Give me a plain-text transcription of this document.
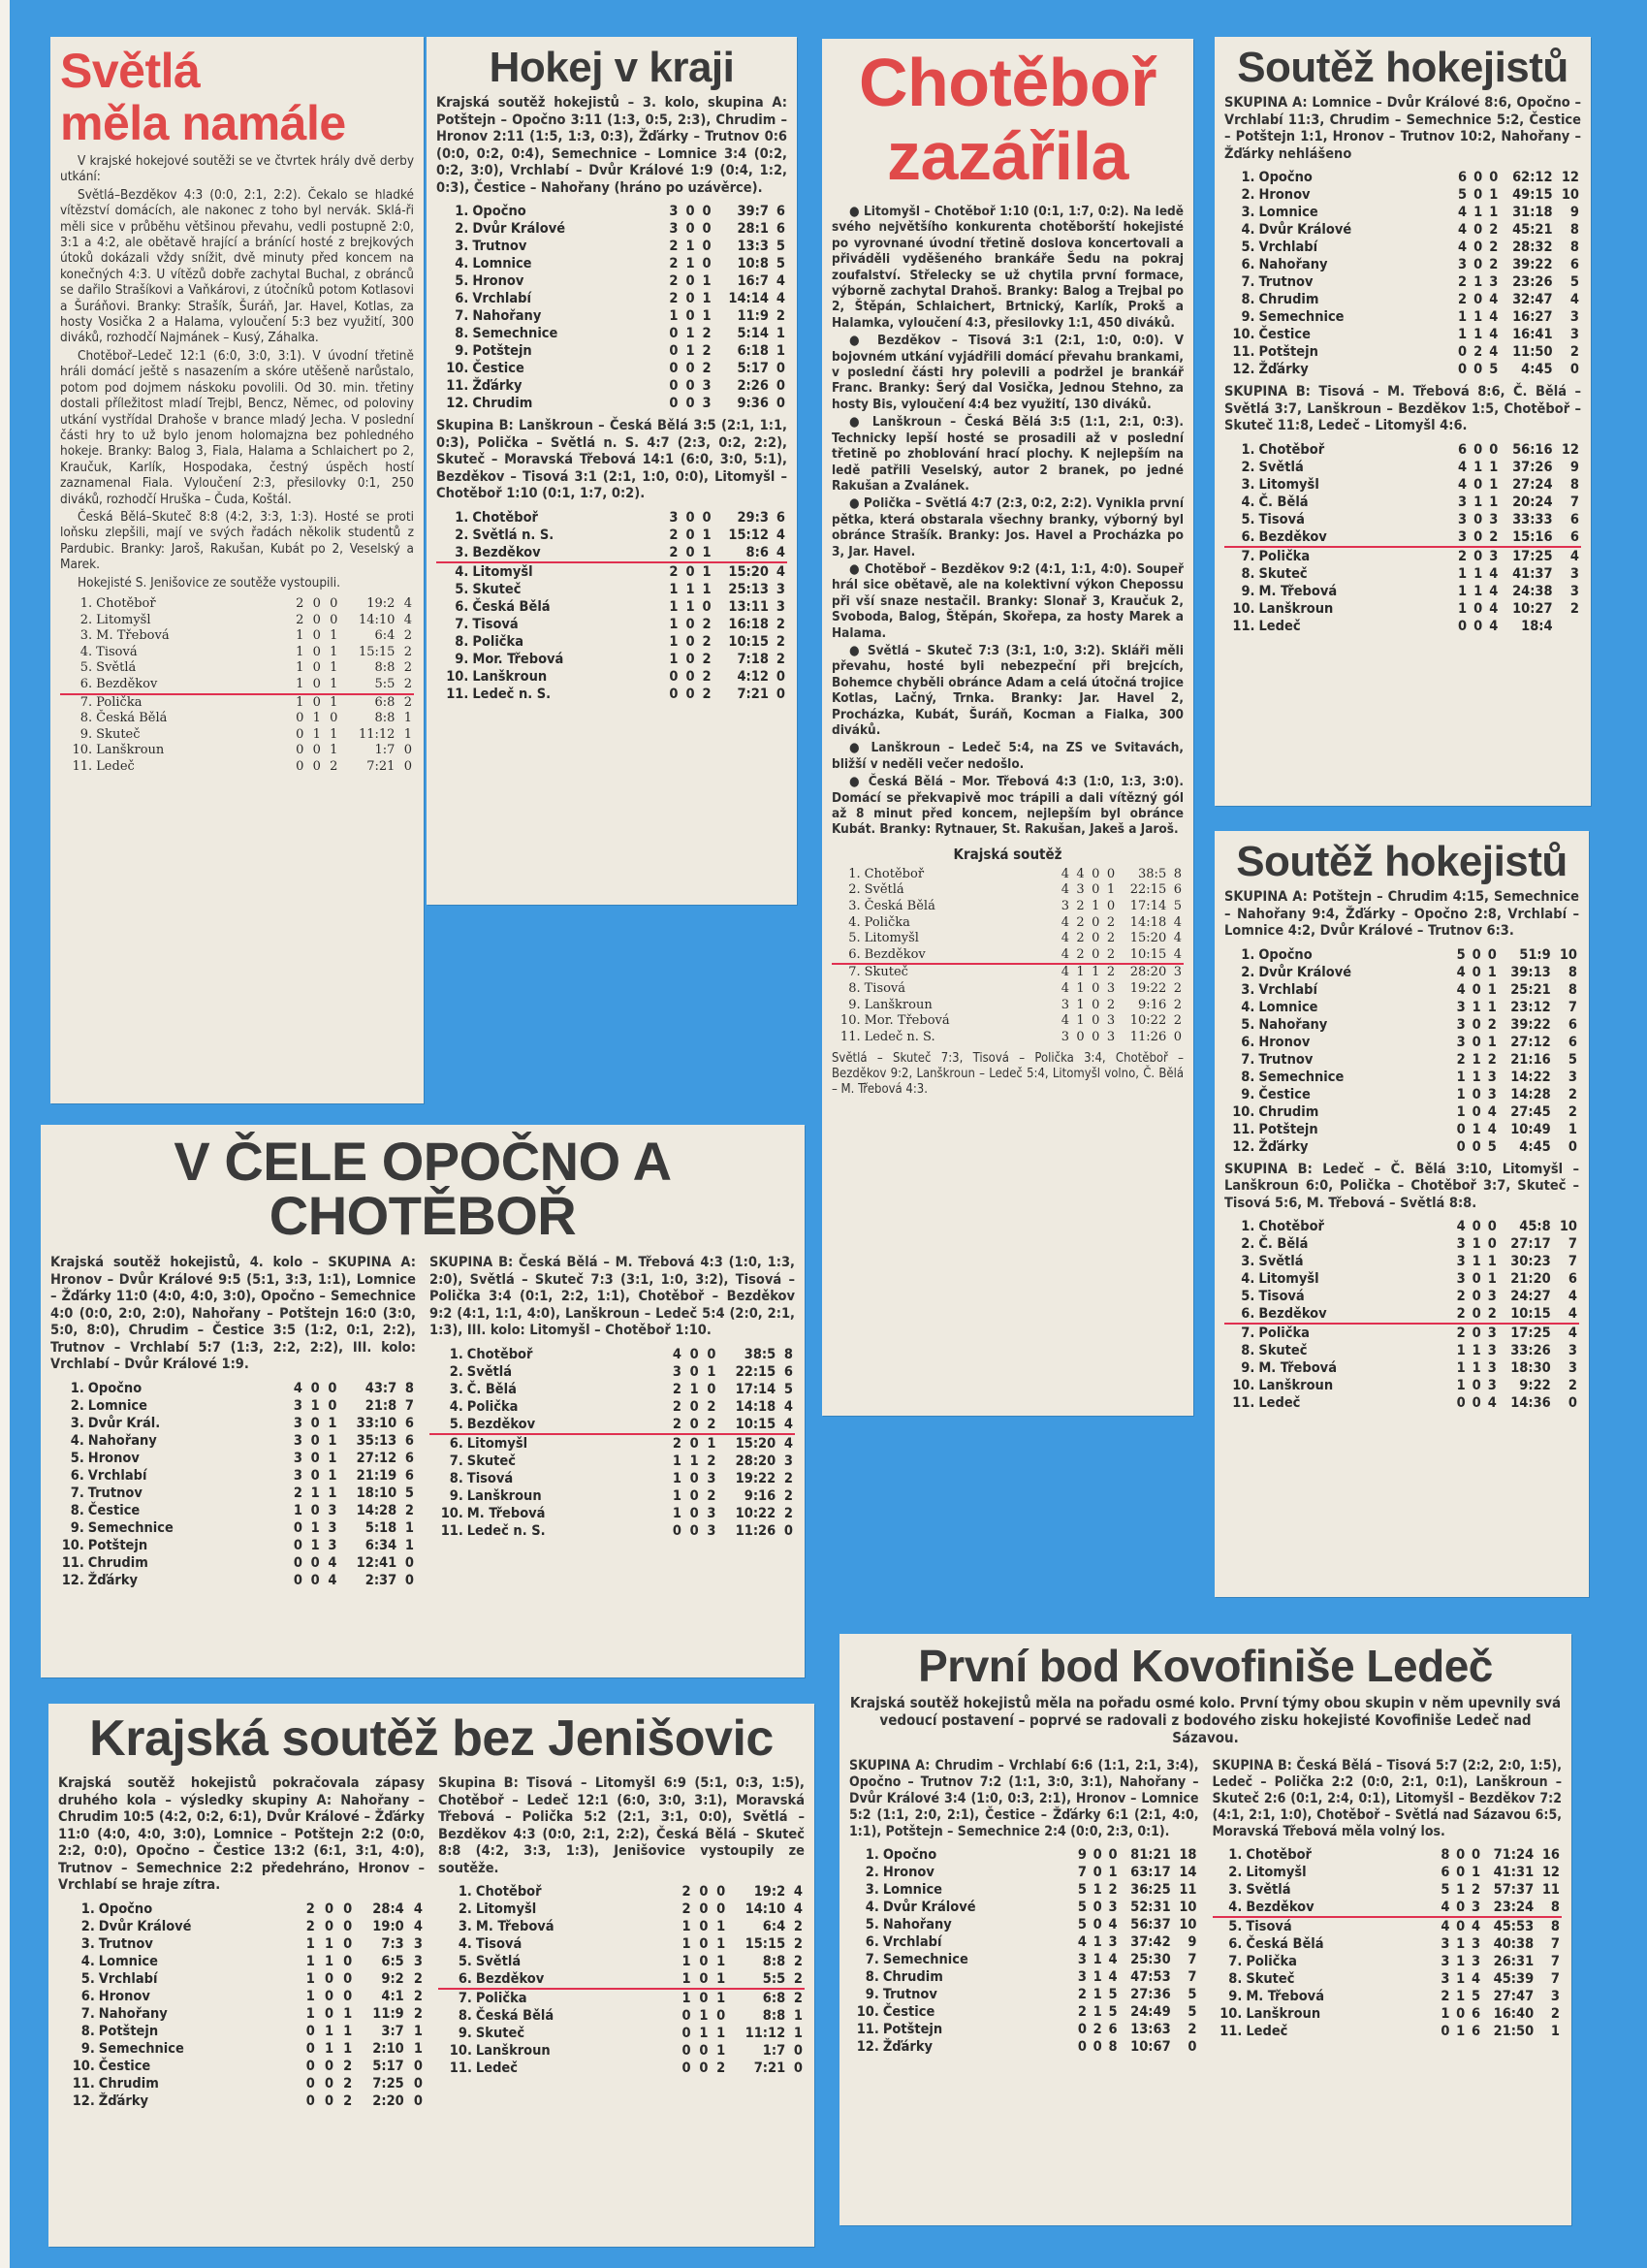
Světlá
měla namále

V krajské hokejové soutěži se ve čtvrtek hrály dvě derby utkání:

Světlá–Bezděkov 4:3 (0:0, 2:1, 2:2). Čekalo se hladké vítězství domácích, ale nakonec z toho byl nervák. Sklá-ři měli sice v průběhu většinou převahu, vedli postupně 2:0, 3:1 a 4:2, ale obětavě hrající a bránící hosté z brejkových útoků dokázali vždy snížit, dvě minuty před koncem na konečných 4:3. U vítězů dobře zachytal Buchal, z obránců se dařilo Strašíkovi a Vaňkárovi, z útočníků potom Kotlasovi a Šuráňovi. Branky: Strašík, Šuráň, Jar. Havel, Kotlas, za hosty Vosička 2 a Halama, vyloučení 5:3 bez využití, 300 diváků, rozhodčí Najmánek – Kusý, Záhalka.

Chotěboř–Ledeč 12:1 (6:0, 3:0, 3:1). V úvodní třetině hráli domácí ještě s nasazením a skóre utěšeně narůstalo, potom pod dojmem náskoku povolili. Od 30. min. třetiny dostali příležitost mladí Trejbl, Bencz, Němec, od poloviny utkání vystřídal Drahoše v brance mladý Jecha. V poslední části hry to už bylo jenom holomajzna bez pohledného hokeje. Branky: Balog 3, Fiala, Halama a Schlaichert po 2, Kraučuk, Karlík, Hospodaka, čestný úspěch hostí zaznamenal Fiala. Vyloučení 2:3, přesilovky 0:1, 250 diváků, rozhodčí Hruška – Čuda, Koštál.

Česká Bělá–Skuteč 8:8 (4:2, 3:3, 1:3). Hosté se proti loňsku zlepšili, mají ve svých řadách několik studentů z Pardubic. Branky: Jaroš, Rakušan, Kubát po 2, Veselský a Marek.

Hokejisté S. Jenišovice ze soutěže vystoupili.

1.	Chotěboř	2	0	0	19:2	4
2.	Litomyšl	2	0	0	14:10	4
3.	M. Třebová	1	0	1	6:4	2
4.	Tisová	1	0	1	15:15	2
5.	Světlá	1	0	1	8:8	2
6.	Bezděkov	1	0	1	5:5	2
7.	Polička	1	0	1	6:8	2
8.	Česká Bělá	0	1	0	8:8	1
9.	Skuteč	0	1	1	11:12	1
10.	Lanškroun	0	0	1	1:7	0
11.	Ledeč	0	0	2	7:21	0
Hokej v kraji
Krajská soutěž hokejistů – 3. kolo, skupina A: Potštejn – Opočno 3:11 (1:3, 0:5, 2:3), Chrudim – Hronov 2:11 (1:5, 1:3, 0:3), Žďárky – Trutnov 0:6 (0:0, 0:2, 0:4), Semechnice – Lomnice 3:4 (0:2, 0:2, 3:0), Vrchlabí – Dvůr Králové 1:9 (0:4, 1:2, 0:3), Čestice – Nahořany (hráno po uzávěrce).
1.	Opočno	3	0	0	39:7	6
2.	Dvůr Králové	3	0	0	28:1	6
3.	Trutnov	2	1	0	13:3	5
4.	Lomnice	2	1	0	10:8	5
5.	Hronov	2	0	1	16:7	4
6.	Vrchlabí	2	0	1	14:14	4
7.	Nahořany	1	0	1	11:9	2
8.	Semechnice	0	1	2	5:14	1
9.	Potštejn	0	1	2	6:18	1
10.	Čestice	0	0	2	5:17	0
11.	Žďárky	0	0	3	2:26	0
12.	Chrudim	0	0	3	9:36	0
Skupina B: Lanškroun – Česká Bělá 3:5 (2:1, 1:1, 0:3), Polička – Světlá n. S. 4:7 (2:3, 0:2, 2:2), Skuteč – Moravská Třebová 14:1 (6:0, 3:0, 5:1), Bezděkov – Tisová 3:1 (2:1, 1:0, 0:0), Litomyšl – Chotěboř 1:10 (0:1, 1:7, 0:2).
1.	Chotěboř	3	0	0	29:3	6
2.	Světlá n. S.	2	0	1	15:12	4
3.	Bezděkov	2	0	1	8:6	4
4.	Litomyšl	2	0	1	15:20	4
5.	Skuteč	1	1	1	25:13	3
6.	Česká Bělá	1	1	0	13:11	3
7.	Tisová	1	0	2	16:18	2
8.	Polička	1	0	2	10:15	2
9.	Mor. Třebová	1	0	2	7:18	2
10.	Lanškroun	0	0	2	4:12	0
11.	Ledeč n. S.	0	0	2	7:21	0
Chotěboř
zazářila

● Litomyšl – Chotěboř 1:10 (0:1, 1:7, 0:2). Na ledě svého největšího konkurenta chotěborští hokejisté po vyrovnané úvodní třetině doslova koncertovali a přiváděli vyděšeného brankáře Šedu na pokraj zoufalství. Střelecky se už chytila první formace, výborně zachytal Drahoš. Branky: Balog a Trejbal po 2, Štěpán, Schlaichert, Brtnický, Karlík, Prokš a Halamka, vyloučení 4:3, přesilovky 1:1, 450 diváků.

● Bezděkov – Tisová 3:1 (2:1, 1:0, 0:0). V bojovném utkání vyjádřili domácí převahu brankami, v poslední části hry polevili a podržel je brankář Franc. Branky: Šerý dal Vosička, Jednou Stehno, za hosty Bis, vyloučení 4:4 bez využití, 130 diváků.

● Lanškroun – Česká Bělá 3:5 (1:1, 2:1, 0:3). Technicky lepší hosté se prosadili až v poslední třetině po zhoblování hrací plochy. K nejlepším na ledě patřili Veselský, autor 2 branek, po jedné Rakušan a Zvalánek.

● Polička – Světlá 4:7 (2:3, 0:2, 2:2). Vynikla první pětka, která obstarala všechny branky, výborný byl obránce Strašík. Branky: Jos. Havel a Procházka po 3, Jar. Havel.

● Chotěboř – Bezděkov 9:2 (4:1, 1:1, 4:0). Soupeř hrál sice obětavě, ale na kolektivní výkon Chepossu při vší snaze nestačil. Branky: Slonař 3, Kraučuk 2, Svoboda, Balog, Štěpán, Skořepa, za hosty Marek a Halama.

● Světlá – Skuteč 7:3 (3:1, 1:0, 3:2). Skláři měli převahu, hosté byli nebezpeční při brejcích, Bohemce chyběli obránce Adam a celá útočná trojice Kotlas, Lačný, Trnka. Branky: Jar. Havel 2, Procházka, Kubát, Šuráň, Kocman a Fialka, 300 diváků.

● Lanškroun – Ledeč 5:4, na ZS ve Svitavách, bližší v neděli večer nedošlo.

● Česká Bělá – Mor. Třebová 4:3 (1:0, 1:3, 3:0). Domácí se překvapivě moc trápili a dali vítězný gól až 8 minut před koncem, nejlepším byl obránce Kubát. Branky: Rytnauer, St. Rakušan, Jakeš a Jaroš.

Krajská soutěž
1.	Chotěboř	4	4	0	0	38:5	8
2.	Světlá	4	3	0	1	22:15	6
3.	Česká Bělá	3	2	1	0	17:14	5
4.	Polička	4	2	0	2	14:18	4
5.	Litomyšl	4	2	0	2	15:20	4
6.	Bezděkov	4	2	0	2	10:15	4
7.	Skuteč	4	1	1	2	28:20	3
8.	Tisová	4	1	0	3	19:22	2
9.	Lanškroun	3	1	0	2	9:16	2
10.	Mor. Třebová	4	1	0	3	10:22	2
11.	Ledeč n. S.	3	0	0	3	11:26	0
Světlá – Skuteč 7:3, Tisová – Polička 3:4, Chotěboř – Bezděkov 9:2, Lanškroun – Ledeč 5:4, Litomyšl volno, Č. Bělá – M. Třebová 4:3.
Soutěž hokejistů
SKUPINA A: Lomnice – Dvůr Králové 8:6, Opočno – Vrchlabí 11:3, Chrudim – Semechnice 5:2, Čestice – Potštejn 1:1, Hronov – Trutnov 10:2, Nahořany – Žďárky nehlášeno
1.	Opočno	6	0	0	62:12	12
2.	Hronov	5	0	1	49:15	10
3.	Lomnice	4	1	1	31:18	9
4.	Dvůr Králové	4	0	2	45:21	8
5.	Vrchlabí	4	0	2	28:32	8
6.	Nahořany	3	0	2	39:22	6
7.	Trutnov	2	1	3	23:26	5
8.	Chrudim	2	0	4	32:47	4
9.	Semechnice	1	1	4	16:27	3
10.	Čestice	1	1	4	16:41	3
11.	Potštejn	0	2	4	11:50	2
12.	Žďárky	0	0	5	4:45	0
SKUPINA B: Tisová – M. Třebová 8:6, Č. Bělá – Světlá 3:7, Lanškroun – Bezděkov 1:5, Chotěboř – Skuteč 11:8, Ledeč – Litomyšl 4:6.
1.	Chotěboř	6	0	0	56:16	12
2.	Světlá	4	1	1	37:26	9
3.	Litomyšl	4	0	1	27:24	8
4.	Č. Bělá	3	1	1	20:24	7
5.	Tisová	3	0	3	33:33	6
6.	Bezděkov	3	0	2	15:16	6
7.	Polička	2	0	3	17:25	4
8.	Skuteč	1	1	4	41:37	3
9.	M. Třebová	1	1	4	24:38	3
10.	Lanškroun	1	0	4	10:27	2
11.	Ledeč	0	0	4	18:4	
Soutěž hokejistů
SKUPINA A: Potštejn – Chrudim 4:15, Semechnice – Nahořany 9:4, Žďárky – Opočno 2:8, Vrchlabí – Lomnice 4:2, Dvůr Králové – Trutnov 6:3.
1.	Opočno	5	0	0	51:9	10
2.	Dvůr Králové	4	0	1	39:13	8
3.	Vrchlabí	4	0	1	25:21	8
4.	Lomnice	3	1	1	23:12	7
5.	Nahořany	3	0	2	39:22	6
6.	Hronov	3	0	1	27:12	6
7.	Trutnov	2	1	2	21:16	5
8.	Semechnice	1	1	3	14:22	3
9.	Čestice	1	0	3	14:28	2
10.	Chrudim	1	0	4	27:45	2
11.	Potštejn	0	1	4	10:49	1
12.	Žďárky	0	0	5	4:45	0
SKUPINA B: Ledeč – Č. Bělá 3:10, Litomyšl – Lanškroun 6:0, Polička – Chotěboř 3:7, Skuteč – Tisová 5:6, M. Třebová – Světlá 8:8.
1.	Chotěboř	4	0	0	45:8	10
2.	Č. Bělá	3	1	0	27:17	7
3.	Světlá	3	1	1	30:23	7
4.	Litomyšl	3	0	1	21:20	6
5.	Tisová	2	0	3	24:27	4
6.	Bezděkov	2	0	2	10:15	4
7.	Polička	2	0	3	17:25	4
8.	Skuteč	1	1	3	33:26	3
9.	M. Třebová	1	1	3	18:30	3
10.	Lanškroun	1	0	3	9:22	2
11.	Ledeč	0	0	4	14:36	0
V ČELE OPOČNO A CHOTĚBOŘ
Krajská soutěž hokejistů, 4. kolo – SKUPINA A: Hronov – Dvůr Králové 9:5 (5:1, 3:3, 1:1), Lomnice – Žďárky 11:0 (4:0, 4:0, 3:0), Opočno – Semechnice 4:0 (0:0, 2:0, 2:0), Nahořany – Potštejn 16:0 (3:0, 5:0, 8:0), Chrudim – Čestice 3:5 (1:2, 0:1, 2:2), Trutnov – Vrchlabí 5:7 (1:3, 2:2, 2:2), III. kolo: Vrchlabí – Dvůr Králové 1:9.
1.	Opočno	4	0	0	43:7	8
2.	Lomnice	3	1	0	21:8	7
3.	Dvůr Král.	3	0	1	33:10	6
4.	Nahořany	3	0	1	35:13	6
5.	Hronov	3	0	1	27:12	6
6.	Vrchlabí	3	0	1	21:19	6
7.	Trutnov	2	1	1	18:10	5
8.	Čestice	1	0	3	14:28	2
9.	Semechnice	0	1	3	5:18	1
10.	Potštejn	0	1	3	6:34	1
11.	Chrudim	0	0	4	12:41	0
12.	Žďárky	0	0	4	2:37	0
SKUPINA B: Česká Bělá – M. Třebová 4:3 (1:0, 1:3, 2:0), Světlá – Skuteč 7:3 (3:1, 1:0, 3:2), Tisová – Polička 3:4 (0:1, 2:2, 1:1), Chotěboř – Bezděkov 9:2 (4:1, 1:1, 4:0), Lanškroun – Ledeč 5:4 (2:0, 2:1, 1:3), III. kolo: Litomyšl – Chotěboř 1:10.
1.	Chotěboř	4	0	0	38:5	8
2.	Světlá	3	0	1	22:15	6
3.	Č. Bělá	2	1	0	17:14	5
4.	Polička	2	0	2	14:18	4
5.	Bezděkov	2	0	2	10:15	4
6.	Litomyšl	2	0	1	15:20	4
7.	Skuteč	1	1	2	28:20	3
8.	Tisová	1	0	3	19:22	2
9.	Lanškroun	1	0	2	9:16	2
10.	M. Třebová	1	0	3	10:22	2
11.	Ledeč n. S.	0	0	3	11:26	0
Krajská soutěž bez Jenišovic
Krajská soutěž hokejistů pokračovala zápasy druhého kola – výsledky skupiny A: Nahořany – Chrudim 10:5 (4:2, 0:2, 6:1), Dvůr Králové – Žďárky 11:0 (4:0, 4:0, 3:0), Lomnice – Potštejn 2:2 (0:0, 2:2, 0:0), Opočno – Čestice 13:2 (6:1, 3:1, 4:0), Trutnov – Semechnice 2:2 předehráno, Hronov – Vrchlabí se hraje zítra.
1.	Opočno	2	0	0	28:4	4
2.	Dvůr Králové	2	0	0	19:0	4
3.	Trutnov	1	1	0	7:3	3
4.	Lomnice	1	1	0	6:5	3
5.	Vrchlabí	1	0	0	9:2	2
6.	Hronov	1	0	0	4:1	2
7.	Nahořany	1	0	1	11:9	2
8.	Potštejn	0	1	1	3:7	1
9.	Semechnice	0	1	1	2:10	1
10.	Čestice	0	0	2	5:17	0
11.	Chrudim	0	0	2	7:25	0
12.	Žďárky	0	0	2	2:20	0
Skupina B: Tisová – Litomyšl 6:9 (5:1, 0:3, 1:5), Chotěboř – Ledeč 12:1 (6:0, 3:0, 3:1), Moravská Třebová – Polička 5:2 (2:1, 3:1, 0:0), Světlá – Bezděkov 4:3 (0:0, 2:1, 2:2), Česká Bělá – Skuteč 8:8 (4:2, 3:3, 1:3), Jenišovice vystoupily ze soutěže.
1.	Chotěboř	2	0	0	19:2	4
2.	Litomyšl	2	0	0	14:10	4
3.	M. Třebová	1	0	1	6:4	2
4.	Tisová	1	0	1	15:15	2
5.	Světlá	1	0	1	8:8	2
6.	Bezděkov	1	0	1	5:5	2
7.	Polička	1	0	1	6:8	2
8.	Česká Bělá	0	1	0	8:8	1
9.	Skuteč	0	1	1	11:12	1
10.	Lanškroun	0	0	1	1:7	0
11.	Ledeč	0	0	2	7:21	0
První bod Kovofiniše Ledeč
Krajská soutěž hokejistů měla na pořadu osmé kolo. První týmy obou skupin v něm upevnily svá vedoucí postavení – poprvé se radovali z bodového zisku hokejisté Kovofiniše Ledeč nad Sázavou.
SKUPINA A: Chrudim – Vrchlabí 6:6 (1:1, 2:1, 3:4), Opočno – Trutnov 7:2 (1:1, 3:0, 3:1), Nahořany – Dvůr Králové 3:4 (1:0, 0:3, 2:1), Hronov – Lomnice 5:2 (1:1, 2:0, 2:1), Čestice – Žďárky 6:1 (2:1, 4:0, 1:1), Potštejn – Semechnice 2:4 (0:0, 2:3, 0:1).
1.	Opočno	9	0	0	81:21	18
2.	Hronov	7	0	1	63:17	14
3.	Lomnice	5	1	2	36:25	11
4.	Dvůr Králové	5	0	3	52:31	10
5.	Nahořany	5	0	4	56:37	10
6.	Vrchlabí	4	1	3	37:42	9
7.	Semechnice	3	1	4	25:30	7
8.	Chrudim	3	1	4	47:53	7
9.	Trutnov	2	1	5	27:36	5
10.	Čestice	2	1	5	24:49	5
11.	Potštejn	0	2	6	13:63	2
12.	Žďárky	0	0	8	10:67	0
SKUPINA B: Česká Bělá – Tisová 5:7 (2:2, 2:0, 1:5), Ledeč – Polička 2:2 (0:0, 2:1, 0:1), Lanškroun – Skuteč 2:6 (0:1, 2:4, 0:1), Litomyšl – Bezděkov 7:2 (4:1, 2:1, 1:0), Chotěboř – Světlá nad Sázavou 6:5, Moravská Třebová měla volný los.
1.	Chotěboř	8	0	0	71:24	16
2.	Litomyšl	6	0	1	41:31	12
3.	Světlá	5	1	2	57:37	11
4.	Bezděkov	4	0	3	23:24	8
5.	Tisová	4	0	4	45:53	8
6.	Česká Bělá	3	1	3	40:38	7
7.	Polička	3	1	3	26:31	7
8.	Skuteč	3	1	4	45:39	7
9.	M. Třebová	2	1	5	27:47	3
10.	Lanškroun	1	0	6	16:40	2
11.	Ledeč	0	1	6	21:50	1
